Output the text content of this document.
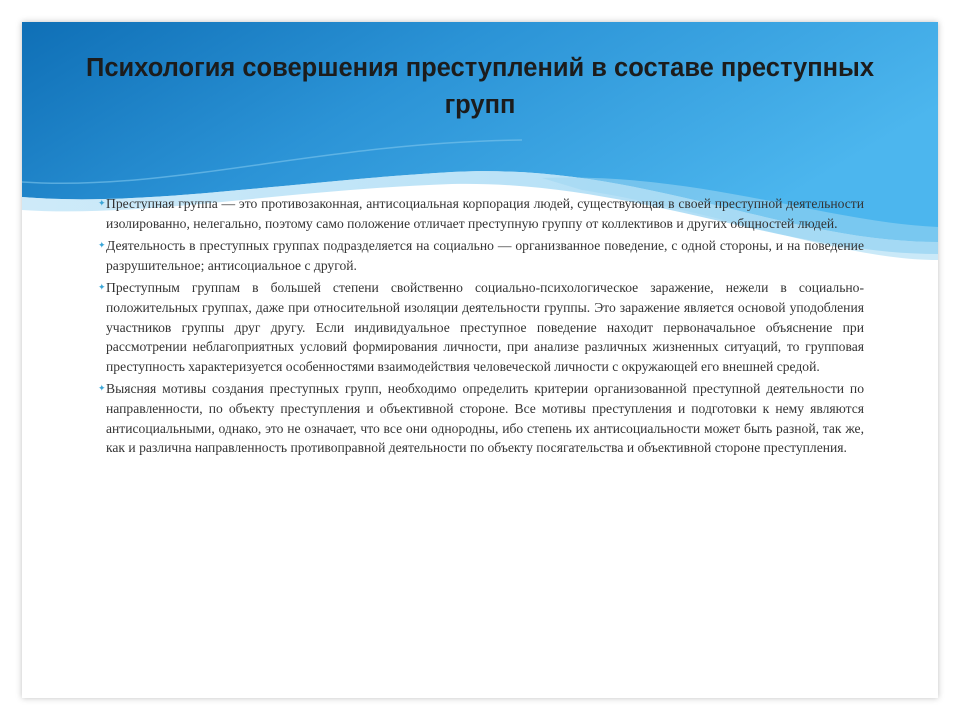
Психология совершения преступлений в составе преступных групп
✦ Преступная группа — это противозаконная, антисоциальная корпорация людей, существующая в своей преступной деятельности изолированно, нелегально, поэтому само положение отличает преступную группу от коллективов и других общностей людей.
✦ Деятельность в преступных группах подразделяется на социально — организванное поведение, с одной стороны, и на поведение разрушительное; антисоциальное с другой.
✦ Преступным группам в большей степени свойственно социально-психологическое заражение, нежели в социально-положительных группах, даже при относительной изоляции деятельности группы. Это заражение является основой уподобления участников группы друг другу. Если индивидуальное преступное поведение находит первоначальное объяснение при рассмотрении неблагоприятных условий формирования личности, при анализе различных жизненных ситуаций, то групповая преступность характеризуется особенностями взаимодействия человеческой личности с окружающей его внешней средой.
✦ Выясняя мотивы создания преступных групп, необходимо определить критерии организованной преступной деятельности по направленности, по объекту преступления и объективной стороне. Все мотивы преступления и подготовки к нему являются антисоциальными, однако, это не означает, что все они однородны, ибо степень их антисоциальности может быть разной, так же, как и различна направленность противоправной деятельности по объекту посягательства и объективной стороне преступления.
